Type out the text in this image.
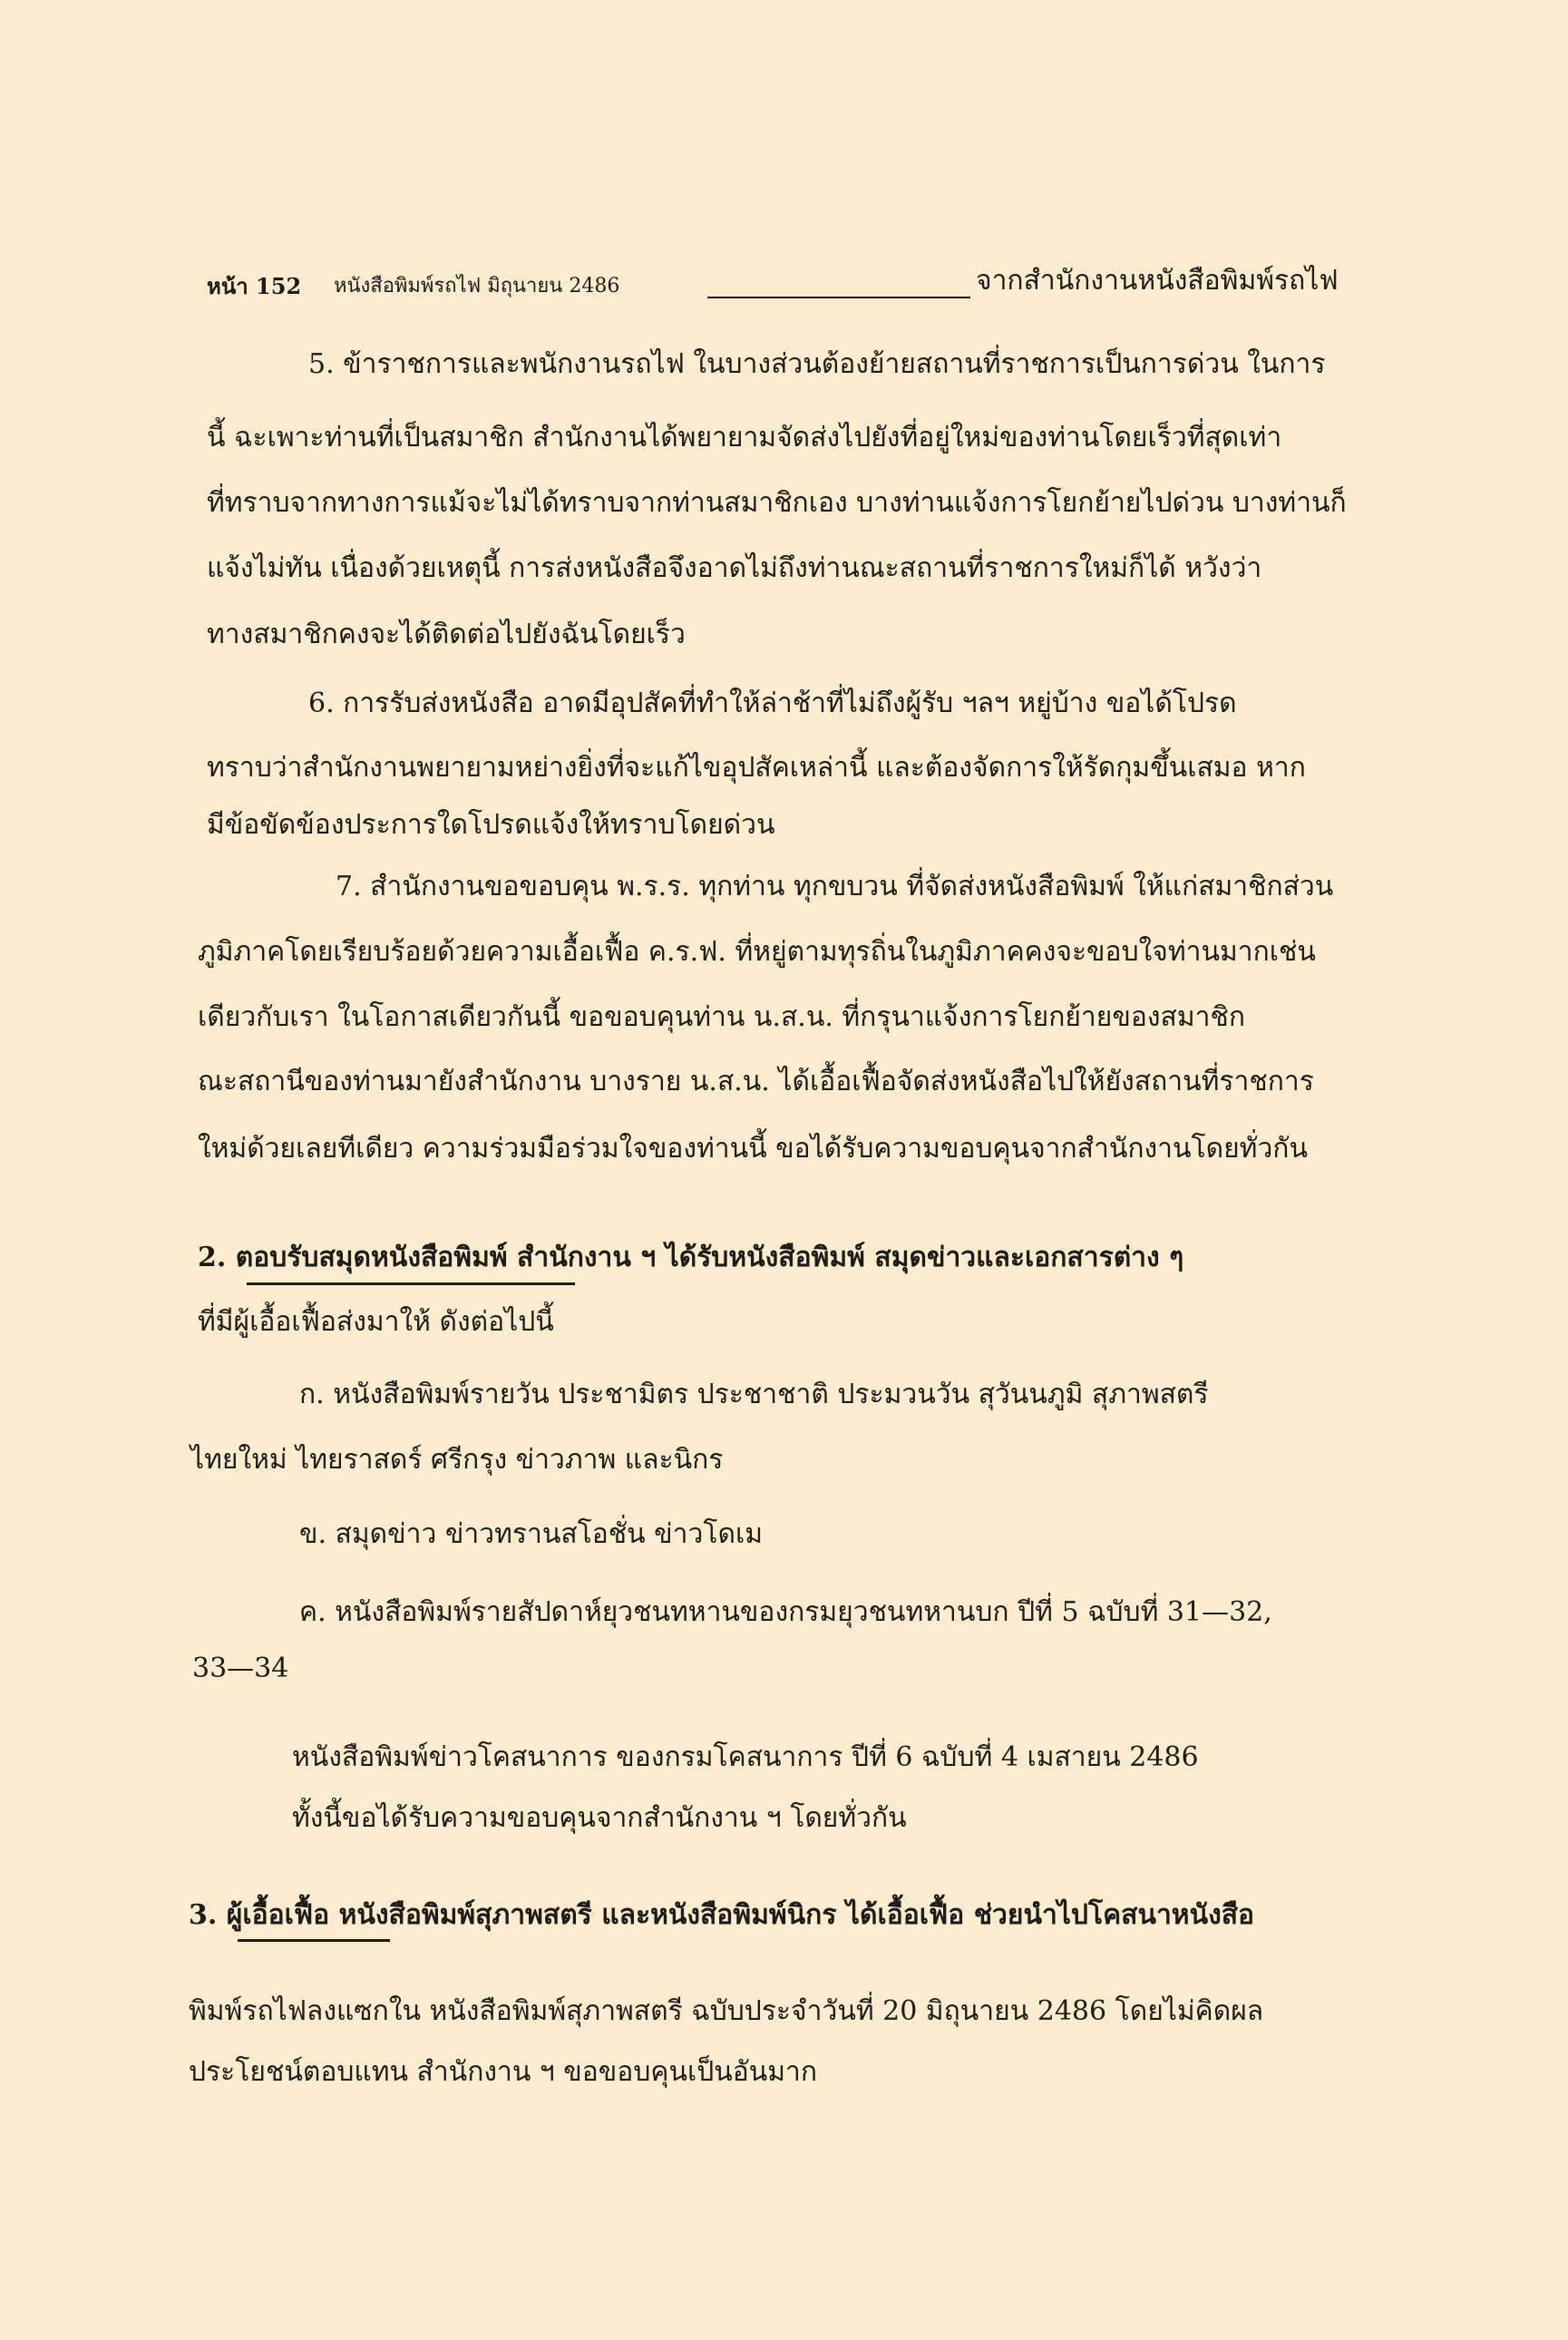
หน้า 152 หนังสือพิมพ์รถไฟ มิถุนายน 2486	จากสำนักงานหนังสือพิมพ์รถไฟ
5. ข้าราชการและพนักงานรถไฟ ในบางส่วนต้องย้ายสถานที่ราชการเป็นการด่วน ในการ
นี้ ฉะเพาะท่านที่เป็นสมาชิก สำนักงานได้พยายามจัดส่งไปยังที่อยู่ใหม่ของท่านโดยเร็วที่สุดเท่า
ที่ทราบจากทางการแม้จะไม่ได้ทราบจากท่านสมาชิกเอง บางท่านแจ้งการโยกย้ายไปด่วน บางท่านก็
แจ้งไม่ทัน เนื่องด้วยเหตุนี้ การส่งหนังสือจึงอาดไม่ถึงท่านณะสถานที่ราชการใหม่ก็ได้ หวังว่า
ทางสมาชิกคงจะได้ติดต่อไปยังฉันโดยเร็ว
6. การรับส่งหนังสือ อาดมีอุปสัคที่ทำให้ล่าช้าที่ไม่ถึงผู้รับ ฯลฯ หยู่บ้าง ขอได้โปรด
ทราบว่าสำนักงานพยายามหย่างยิ่งที่จะแก้ไขอุปสัคเหล่านี้ และต้องจัดการให้รัดกุมขึ้นเสมอ หาก
มีข้อขัดข้องประการใดโปรดแจ้งให้ทราบโดยด่วน
7. สำนักงานขอขอบคุน พ.ร.ร. ทุกท่าน ทุกขบวน ที่จัดส่งหนังสือพิมพ์ ให้แก่สมาชิกส่วน
ภูมิภาคโดยเรียบร้อยด้วยความเอื้อเฟื้อ ค.ร.ฟ. ที่หยู่ตามทุรถิ่นในภูมิภาคคงจะขอบใจท่านมากเช่น
เดียวกับเรา ในโอกาสเดียวกันนี้ ขอขอบคุนท่าน น.ส.น. ที่กรุนาแจ้งการโยกย้ายของสมาชิก
ณะสถานีของท่านมายังสำนักงาน บางราย น.ส.น. ได้เอื้อเฟื้อจัดส่งหนังสือไปให้ยังสถานที่ราชการ
ใหม่ด้วยเลยทีเดียว ความร่วมมือร่วมใจของท่านนี้ ขอได้รับความขอบคุนจากสำนักงานโดยทั่วกัน
2. ตอบรับสมุดหนังสือพิมพ์ สำนักงาน ฯ ได้รับหนังสือพิมพ์ สมุดข่าวและเอกสารต่าง ๆ
ที่มีผู้เอื้อเฟื้อส่งมาให้ ดังต่อไปนี้
ก. หนังสือพิมพ์รายวัน ประชามิตร ประชาชาติ ประมวนวัน สุวันนภูมิ สุภาพสตรี
ไทยใหม่ ไทยราสดร์ ศรีกรุง ข่าวภาพ และนิกร
ข. สมุดข่าว ข่าวทรานสโอชั่น ข่าวโดเม
ค. หนังสือพิมพ์รายสัปดาห์ยุวชนทหานของกรมยุวชนทหานบก ปีที่ 5 ฉบับที่ 31—32,
33—34
หนังสือพิมพ์ข่าวโคสนาการ ของกรมโคสนาการ ปีที่ 6 ฉบับที่ 4 เมสายน 2486
ทั้งนี้ขอได้รับความขอบคุนจากสำนักงาน ฯ โดยทั่วกัน
3. ผู้เอื้อเฟื้อ หนังสือพิมพ์สุภาพสตรี และหนังสือพิมพ์นิกร ได้เอื้อเฟื้อ ช่วยนำไปโคสนาหนังสือ
พิมพ์รถไฟลงแซกใน หนังสือพิมพ์สุภาพสตรี ฉบับประจำวันที่ 20 มิถุนายน 2486 โดยไม่คิดผล
ประโยชน์ตอบแทน สำนักงาน ฯ ขอขอบคุนเป็นอันมาก
